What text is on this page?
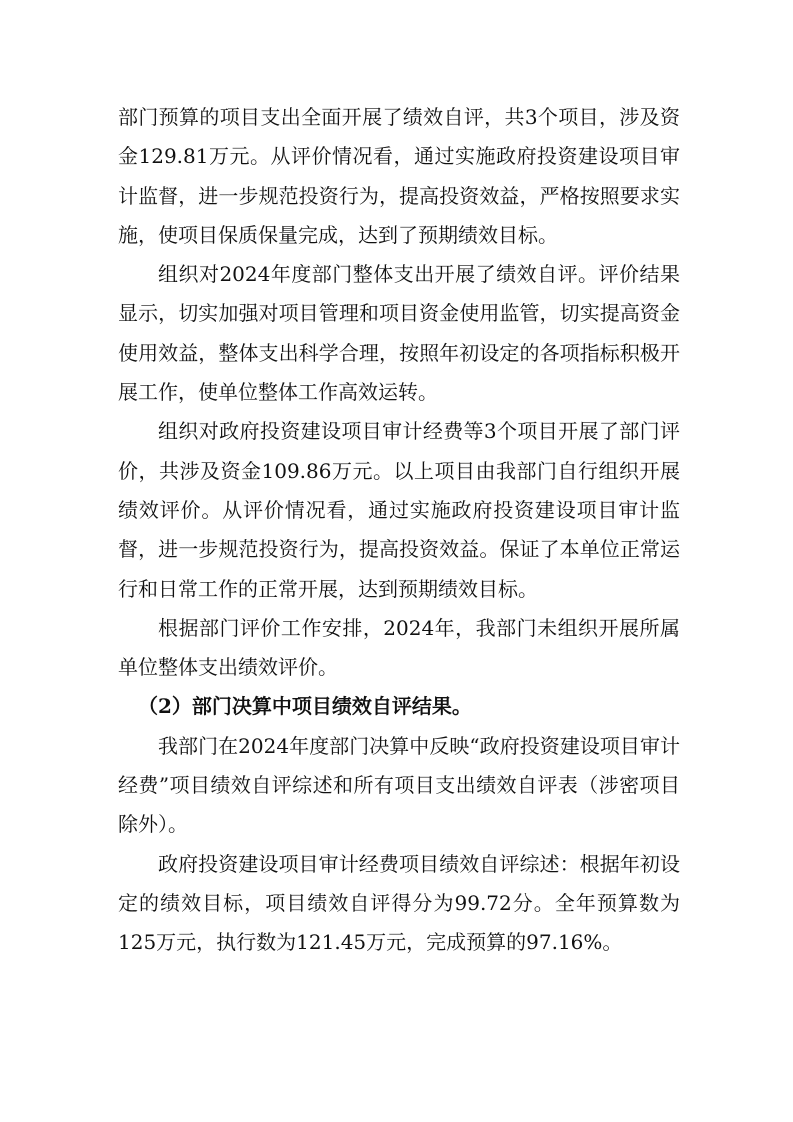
部门预算的项目支出全面开展了绩效自评，共3个项目，涉及资金129.81万元。从评价情况看，通过实施政府投资建设项目审计监督，进一步规范投资行为，提高投资效益，严格按照要求实施，使项目保质保量完成，达到了预期绩效目标。

组织对2024年度部门整体支出开展了绩效自评。评价结果显示，切实加强对项目管理和项目资金使用监管，切实提高资金使用效益，整体支出科学合理，按照年初设定的各项指标积极开展工作，使单位整体工作高效运转。

组织对政府投资建设项目审计经费等3个项目开展了部门评价，共涉及资金109.86万元。以上项目由我部门自行组织开展绩效评价。从评价情况看，通过实施政府投资建设项目审计监督，进一步规范投资行为，提高投资效益。保证了本单位正常运行和日常工作的正常开展，达到预期绩效目标。

根据部门评价工作安排，2024年，我部门未组织开展所属单位整体支出绩效评价。

（2）部门决算中项目绩效自评结果。

我部门在2024年度部门决算中反映“政府投资建设项目审计经费”项目绩效自评综述和所有项目支出绩效自评表（涉密项目除外）。

政府投资建设项目审计经费项目绩效自评综述：根据年初设定的绩效目标，项目绩效自评得分为99.72分。全年预算数为125万元，执行数为121.45万元，完成预算的97.16%。
